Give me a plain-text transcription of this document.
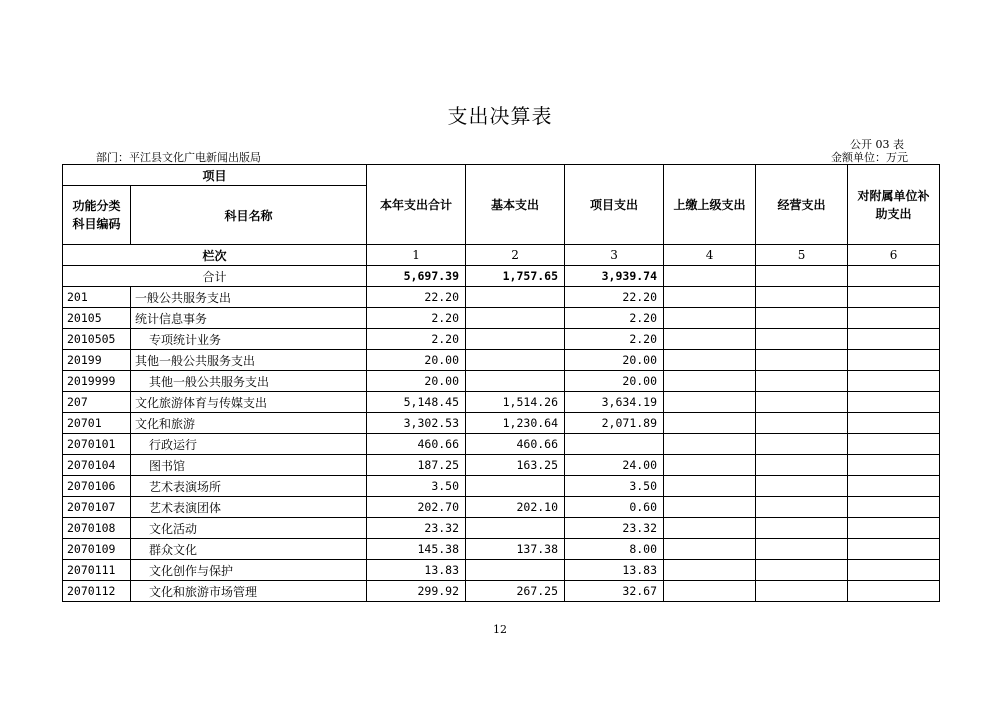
支出决算表
公开 03 表
部门：平江县文化广电新闻出版局	金额单位：万元
项目		本年支出合计	基本支出	项目支出	上缴上级支出	经营支出	对附属单位补助支出
功能分类科目编码	科目名称						
栏次		1	2	3	4	5	6
合计		5,697.39	1,757.65	3,939.74			
201	一般公共服务支出	22.20		22.20			
20105	统计信息事务	2.20		2.20			
2010505	专项统计业务	2.20		2.20			
20199	其他一般公共服务支出	20.00		20.00			
2019999	其他一般公共服务支出	20.00		20.00			
207	文化旅游体育与传媒支出	5,148.45	1,514.26	3,634.19			
20701	文化和旅游	3,302.53	1,230.64	2,071.89			
2070101	行政运行	460.66	460.66				
2070104	图书馆	187.25	163.25	24.00			
2070106	艺术表演场所	3.50		3.50			
2070107	艺术表演团体	202.70	202.10	0.60			
2070108	文化活动	23.32		23.32			
2070109	群众文化	145.38	137.38	8.00			
2070111	文化创作与保护	13.83		13.83			
2070112	文化和旅游市场管理	299.92	267.25	32.67			
12
